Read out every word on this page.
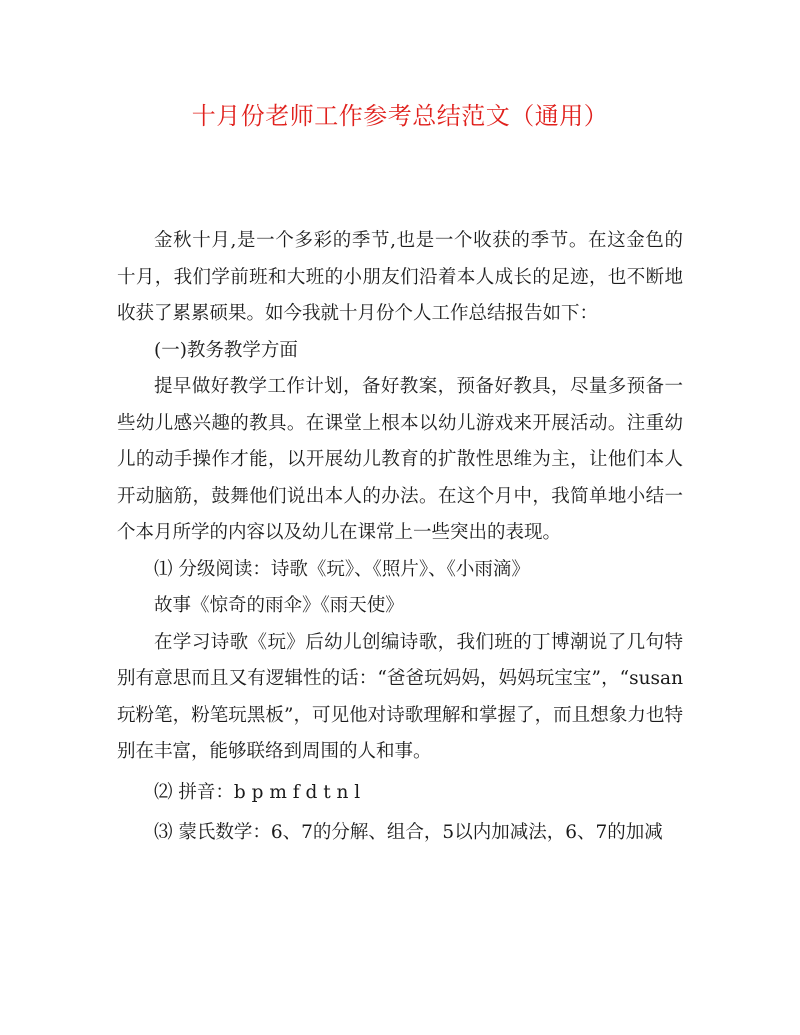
十月份老师工作参考总结范文（通用）

金秋十月,是一个多彩的季节,也是一个收获的季节。在这金色的十月，我们学前班和大班的小朋友们沿着本人成长的足迹，也不断地收获了累累硕果。如今我就十月份个人工作总结报告如下：

(一)教务教学方面

提早做好教学工作计划，备好教案，预备好教具，尽量多预备一些幼儿感兴趣的教具。在课堂上根本以幼儿游戏来开展活动。注重幼儿的动手操作才能，以开展幼儿教育的扩散性思维为主，让他们本人开动脑筋，鼓舞他们说出本人的办法。在这个月中，我简单地小结一个本月所学的内容以及幼儿在课常上一些突出的表现。

⑴ 分级阅读：诗歌《玩》、《照片》、《小雨滴》

故事《惊奇的雨伞》《雨天使》

在学习诗歌《玩》后幼儿创编诗歌，我们班的丁博潮说了几句特别有意思而且又有逻辑性的话：“爸爸玩妈妈，妈妈玩宝宝”，“susan玩粉笔，粉笔玩黑板”，可见他对诗歌理解和掌握了，而且想象力也特别在丰富，能够联络到周围的人和事。

⑵ 拼音：b p m f d t n l

⑶ 蒙氏数学：6、7的分解、组合，5以内加减法，6、7的加减
